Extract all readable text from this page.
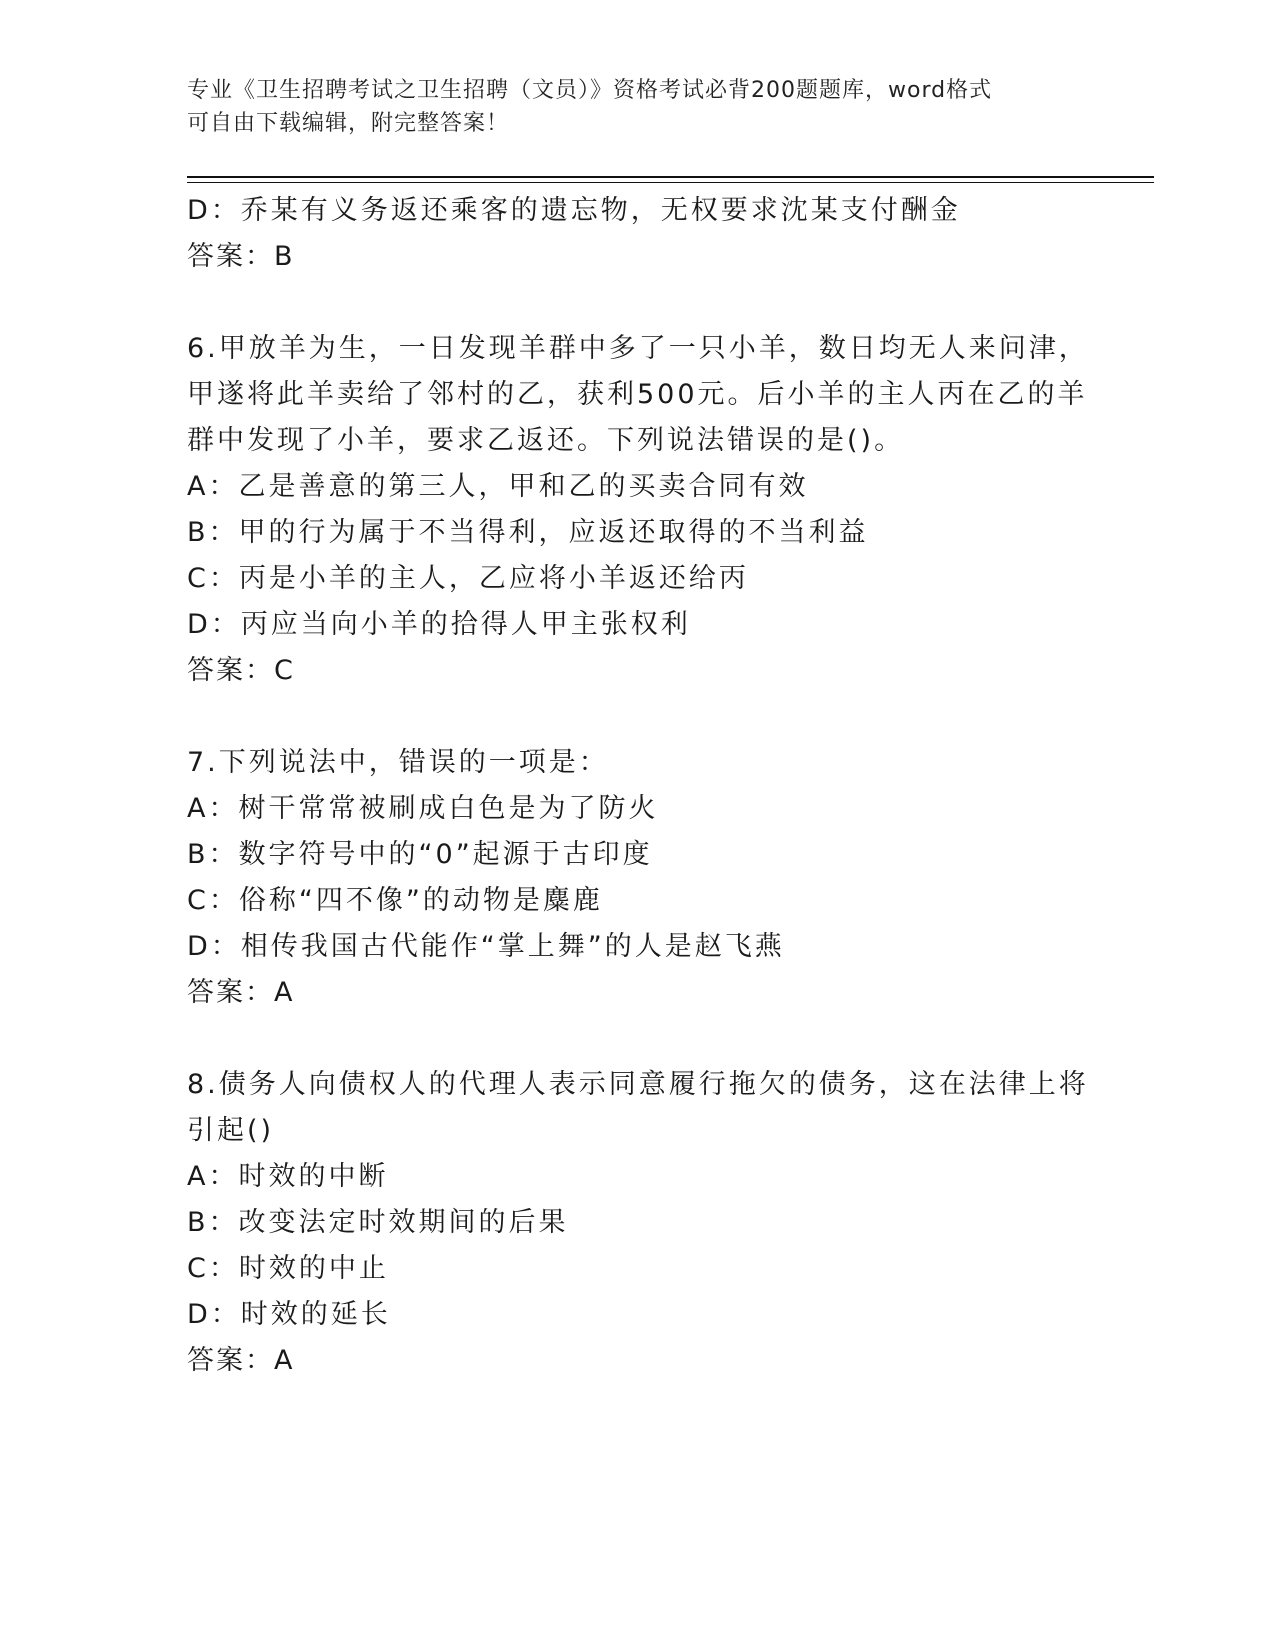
专业《卫生招聘考试之卫生招聘（文员）》资格考试必背200题题库，word格式
可自由下载编辑，附完整答案！
D：乔某有义务返还乘客的遗忘物，无权要求沈某支付酬金
答案：B
6.甲放羊为生，一日发现羊群中多了一只小羊，数日均无人来问津，
甲遂将此羊卖给了邻村的乙，获利500元。后小羊的主人丙在乙的羊
群中发现了小羊，要求乙返还。下列说法错误的是()。
A：乙是善意的第三人，甲和乙的买卖合同有效
B：甲的行为属于不当得利，应返还取得的不当利益
C：丙是小羊的主人，乙应将小羊返还给丙
D：丙应当向小羊的拾得人甲主张权利
答案：C
7.下列说法中，错误的一项是：
A：树干常常被刷成白色是为了防火
B：数字符号中的“0”起源于古印度
C：俗称“四不像”的动物是麋鹿
D：相传我国古代能作“掌上舞”的人是赵飞燕
答案：A
8.债务人向债权人的代理人表示同意履行拖欠的债务，这在法律上将
引起()
A：时效的中断
B：改变法定时效期间的后果
C：时效的中止
D：时效的延长
答案：A
